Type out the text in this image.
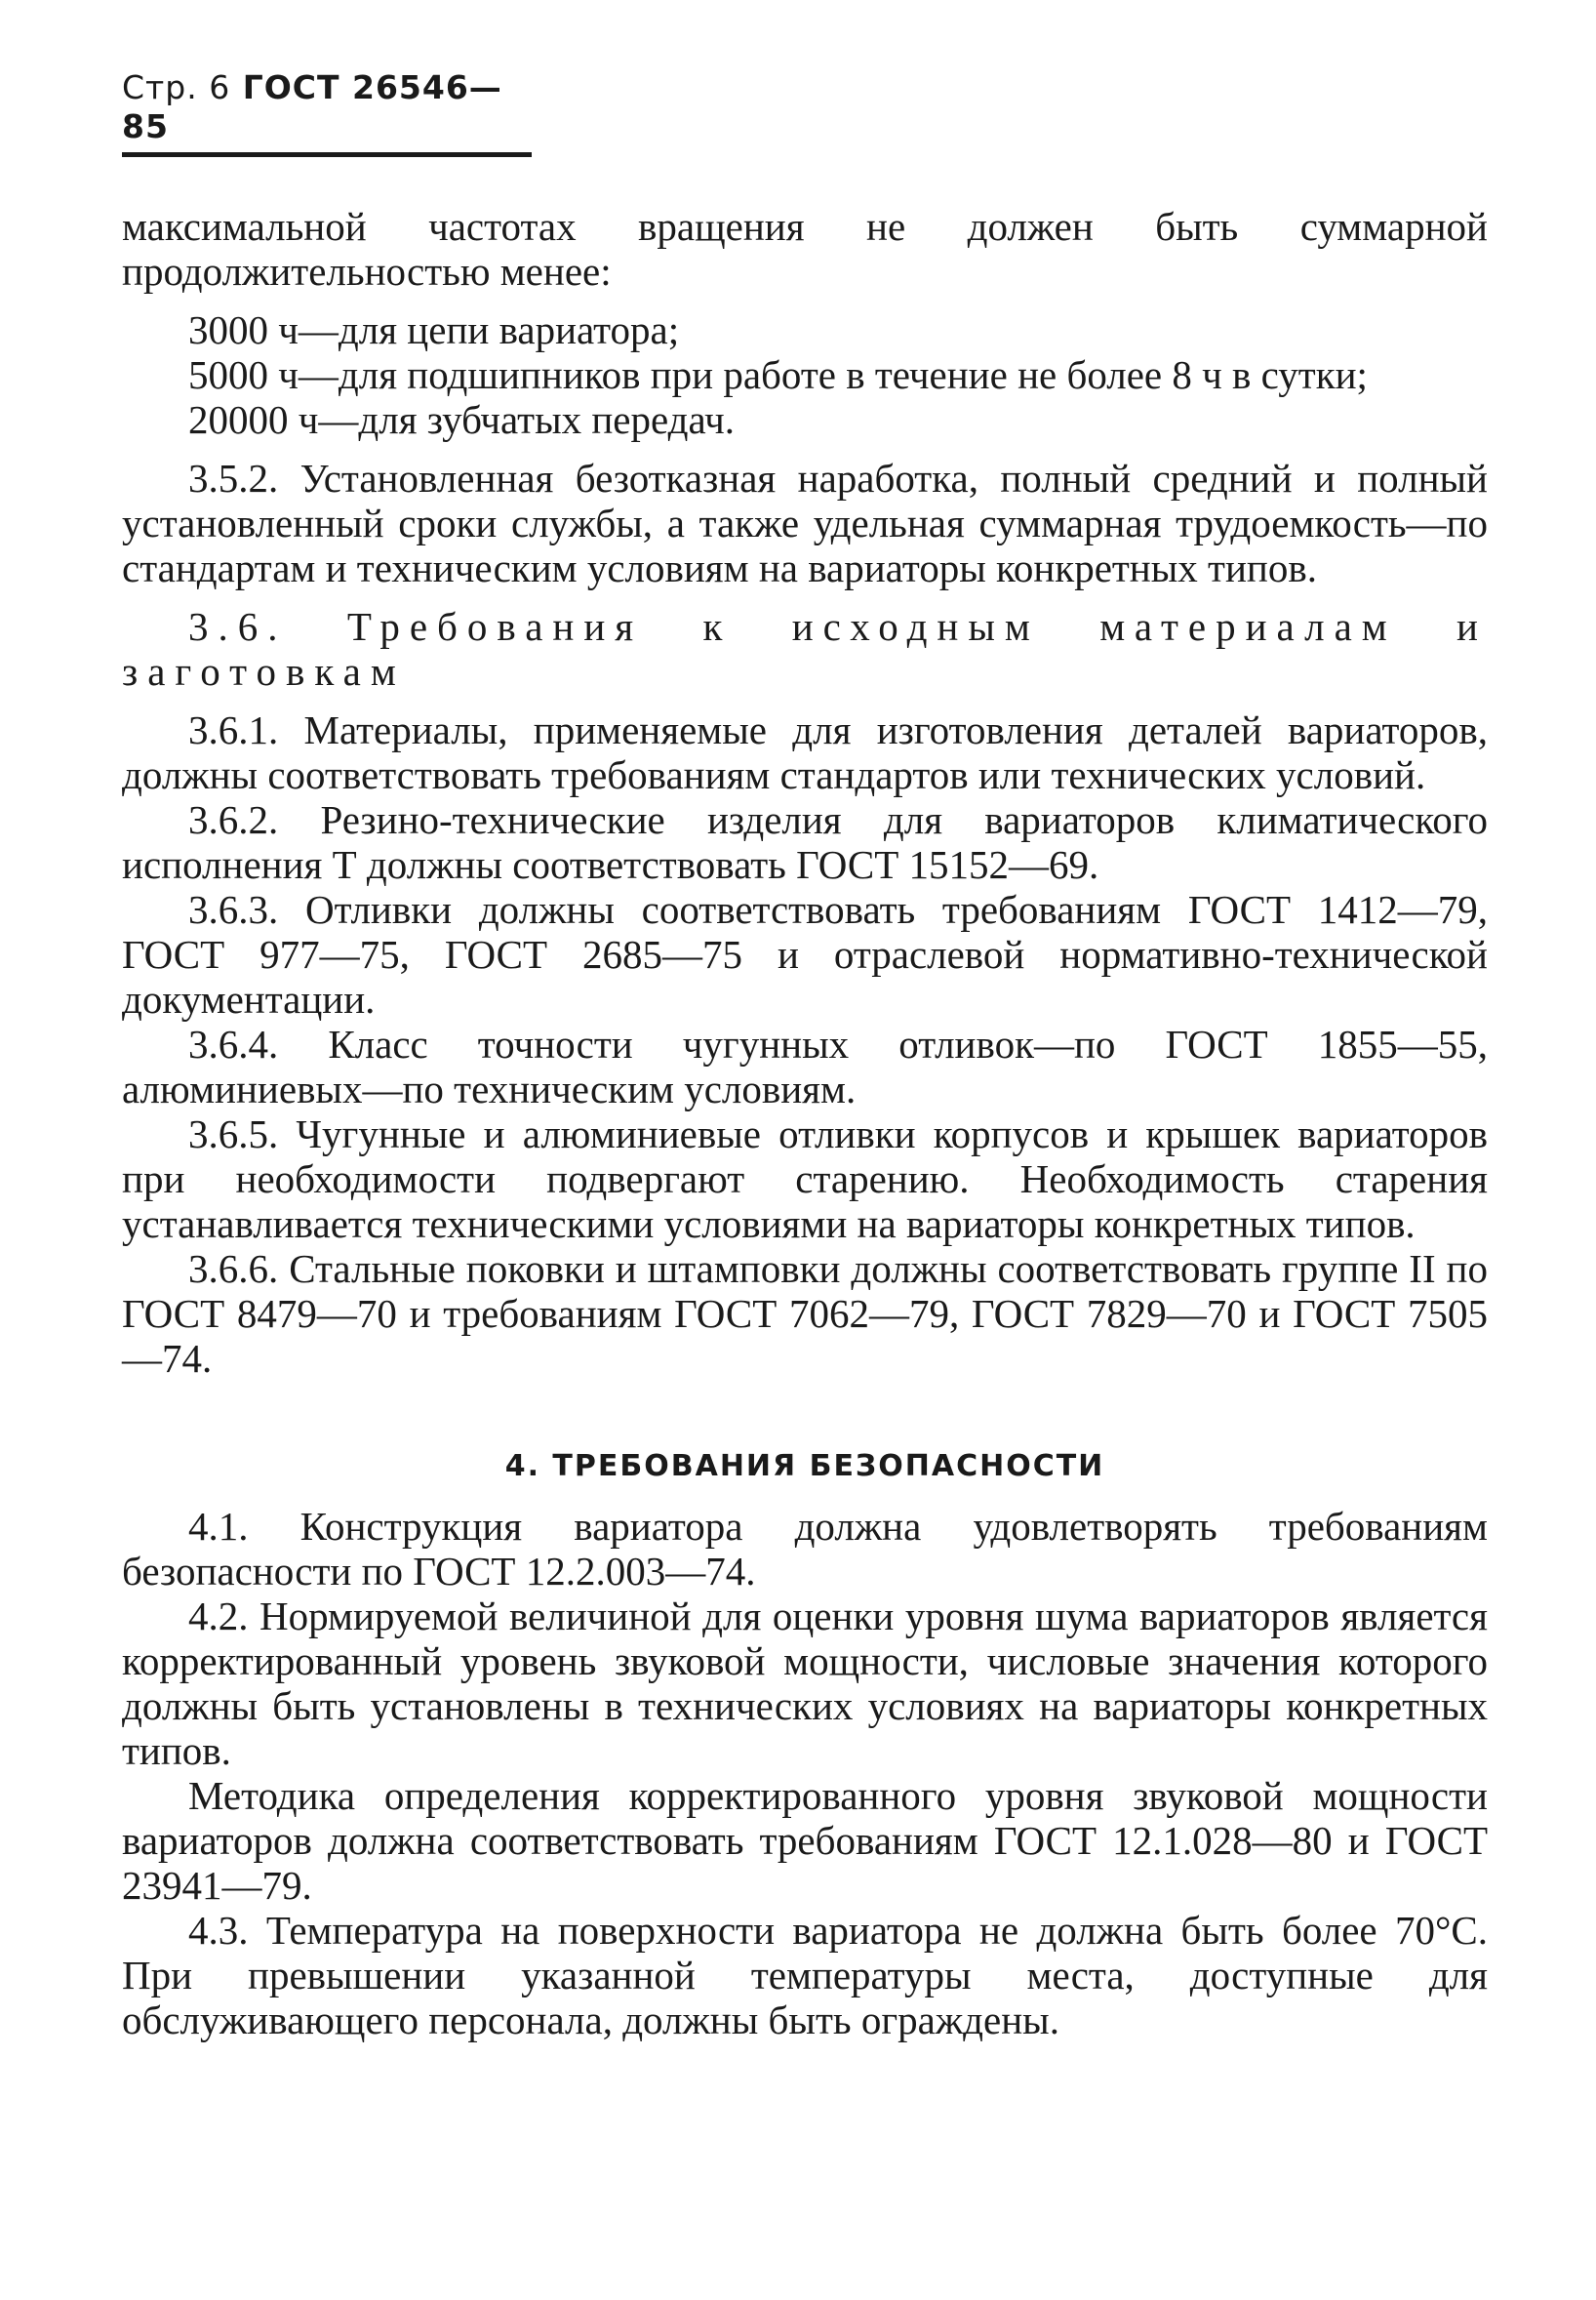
Стр. 6 ГОСТ 26546—85

максимальной частотах вращения не должен быть суммарной продолжительностью менее:

3000 ч—для цепи вариатора;

5000 ч—для подшипников при работе в течение не более 8 ч в сутки;

20000 ч—для зубчатых передач.

3.5.2. Установленная безотказная наработка, полный средний и полный установленный сроки службы, а также удельная суммарная трудоемкость—по стандартам и техническим условиям на вариаторы конкретных типов.

3.6. Требования к исходным материалам и

заготовкам

3.6.1. Материалы, применяемые для изготовления деталей вариаторов, должны соответствовать требованиям стандартов или технических условий.

3.6.2. Резино-технические изделия для вариаторов климатического исполнения Т должны соответствовать ГОСТ 15152—69.

3.6.3. Отливки должны соответствовать требованиям ГОСТ 1412—79, ГОСТ 977—75, ГОСТ 2685—75 и отраслевой нормативно-технической документации.

3.6.4. Класс точности чугунных отливок—по ГОСТ 1855—55, алюминиевых—по техническим условиям.

3.6.5. Чугунные и алюминиевые отливки корпусов и крышек вариаторов при необходимости подвергают старению. Необходимость старения устанавливается техническими условиями на вариаторы конкретных типов.

3.6.6. Стальные поковки и штамповки должны соответствовать группе II по ГОСТ 8479—70 и требованиям ГОСТ 7062—79, ГОСТ 7829—70 и ГОСТ 7505—74.

4. ТРЕБОВАНИЯ БЕЗОПАСНОСТИ

4.1. Конструкция вариатора должна удовлетворять требованиям безопасности по ГОСТ 12.2.003—74.

4.2. Нормируемой величиной для оценки уровня шума вариаторов является корректированный уровень звуковой мощности, числовые значения которого должны быть установлены в технических условиях на вариаторы конкретных типов.

Методика определения корректированного уровня звуковой мощности вариаторов должна соответствовать требованиям ГОСТ 12.1.028—80 и ГОСТ 23941—79.

4.3. Температура на поверхности вариатора не должна быть более 70°С. При превышении указанной температуры места, доступные для обслуживающего персонала, должны быть ограждены.
